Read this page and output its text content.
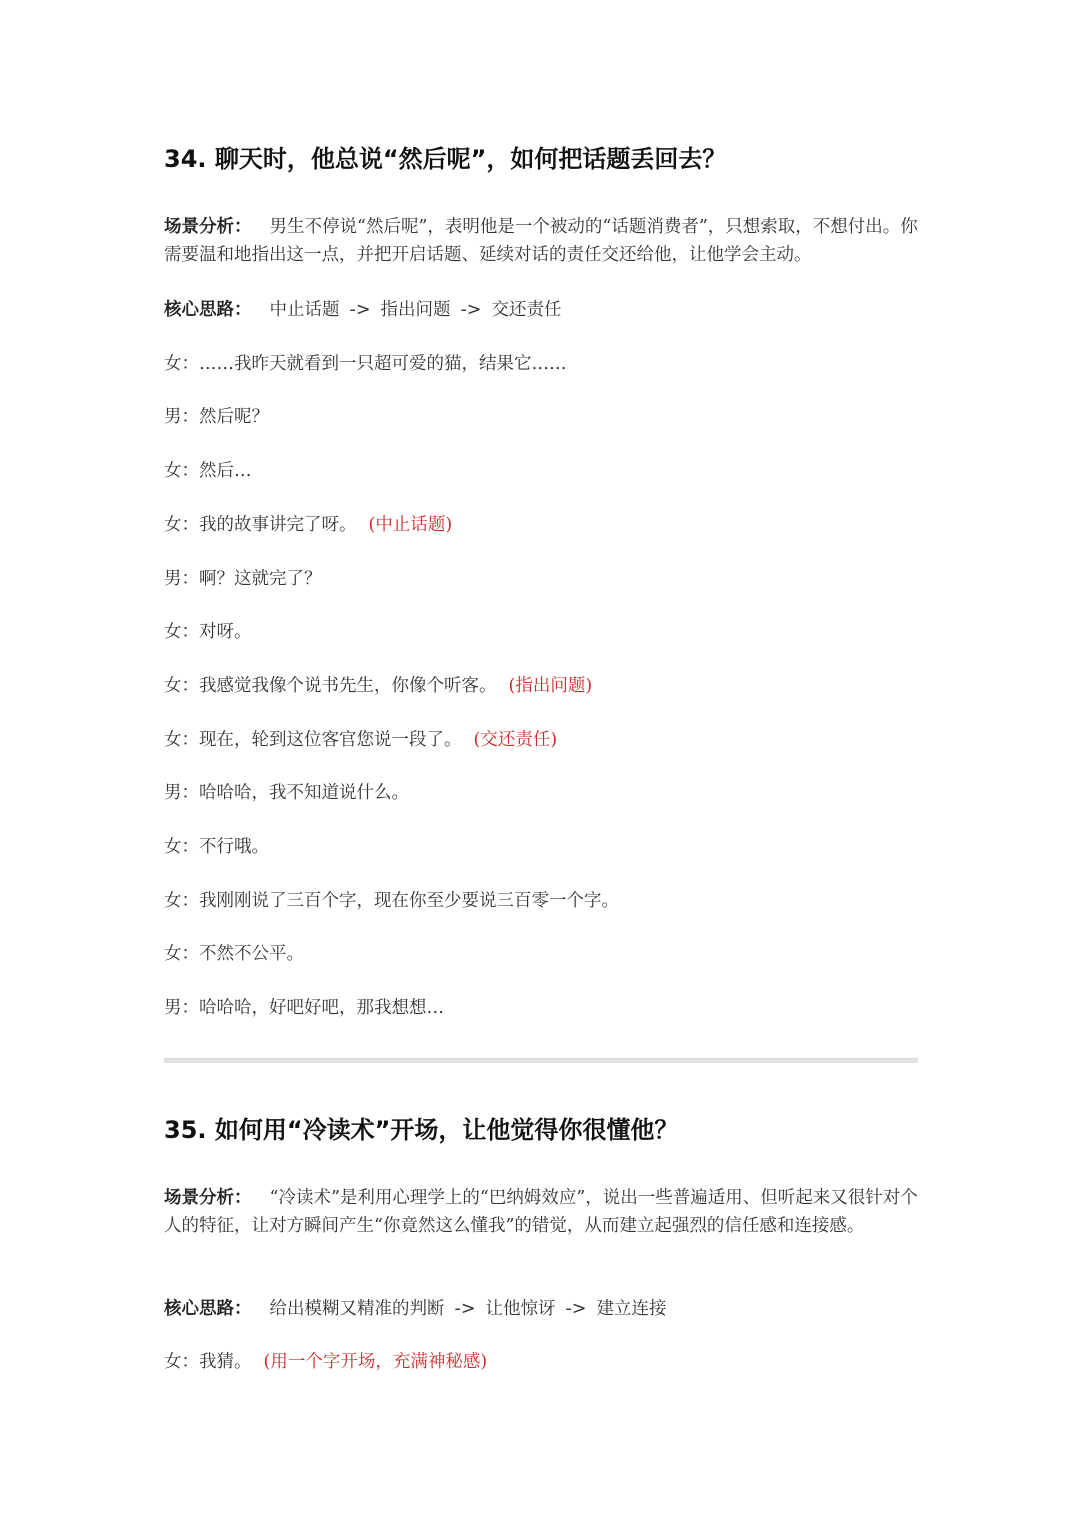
34. 聊天时，他总说“然后呢”，如何把话题丢回去？
场景分析： 男生不停说“然后呢”，表明他是一个被动的“话题消费者”，只想索取，不想付出。你需要温和地指出这一点，并把开启话题、延续对话的责任交还给他，让他学会主动。
核心思路： 中止话题 -> 指出问题 -> 交还责任
女：……我昨天就看到一只超可爱的猫，结果它……
男：然后呢？
女：然后…
女：我的故事讲完了呀。 (中止话题)
男：啊？这就完了？
女：对呀。
女：我感觉我像个说书先生，你像个听客。 (指出问题)
女：现在，轮到这位客官您说一段了。 (交还责任)
男：哈哈哈，我不知道说什么。
女：不行哦。
女：我刚刚说了三百个字，现在你至少要说三百零一个字。
女：不然不公平。
男：哈哈哈，好吧好吧，那我想想…
35. 如何用“冷读术”开场，让他觉得你很懂他？
场景分析： “冷读术”是利用心理学上的“巴纳姆效应”，说出一些普遍适用、但听起来又很针对个人的特征，让对方瞬间产生“你竟然这么懂我”的错觉，从而建立起强烈的信任感和连接感。
核心思路： 给出模糊又精准的判断 -> 让他惊讶 -> 建立连接
女：我猜。 (用一个字开场，充满神秘感)
